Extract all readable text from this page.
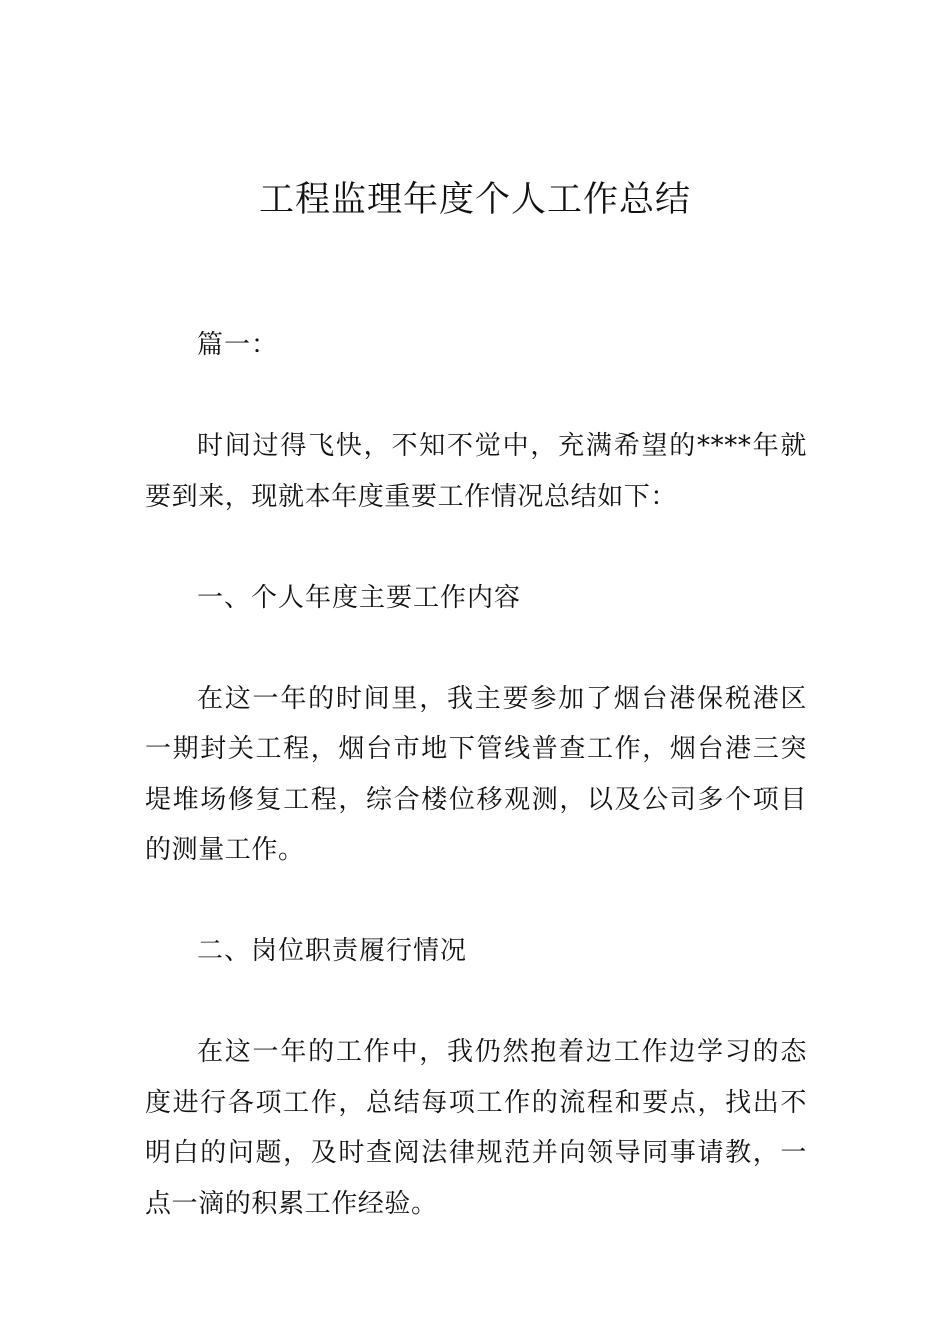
工程监理年度个人工作总结

篇一：

时间过得飞快，不知不觉中，充满希望的****年就要到来，现就本年度重要工作情况总结如下：

一、个人年度主要工作内容

在这一年的时间里，我主要参加了烟台港保税港区一期封关工程，烟台市地下管线普查工作，烟台港三突堤堆场修复工程，综合楼位移观测，以及公司多个项目的测量工作。

二、岗位职责履行情况

在这一年的工作中，我仍然抱着边工作边学习的态度进行各项工作，总结每项工作的流程和要点，找出不明白的问题，及时查阅法律规范并向领导同事请教，一点一滴的积累工作经验。
